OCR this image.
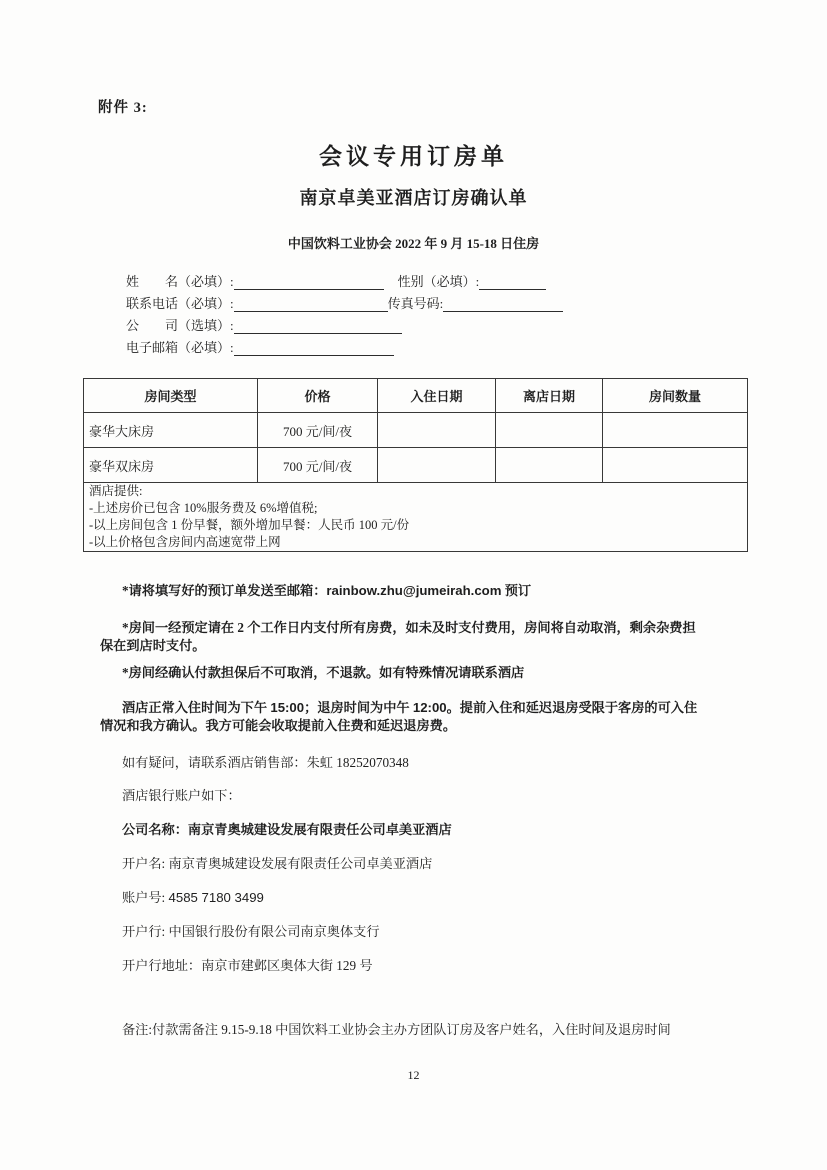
附件 3:
会议专用订房单
南京卓美亚酒店订房确认单
中国饮料工业协会 2022 年 9 月 15-18 日住房
姓　　名（必填）:	性别（必填）:
联系电话（必填）:	传真号码:
公　　司（选填）:
电子邮箱（必填）:
房间类型	价格	入住日期	离店日期	房间数量
豪华大床房	700 元/间/夜			
豪华双床房	700 元/间/夜			

酒店提供:
-上述房价已包含 10%服务费及 6%增值税;
-以上房间包含 1 份早餐，额外增加早餐：人民币 100 元/份
-以上价格包含房间内高速宽带上网				

*请将填写好的预订单发送至邮箱：rainbow.zhu@jumeirah.com 预订

*房间一经预定请在 2 个工作日内支付所有房费，如未及时支付费用，房间将自动取消，剩余杂费担保在到店时支付。

*房间经确认付款担保后不可取消，不退款。如有特殊情况请联系酒店

酒店正常入住时间为下午 15:00；退房时间为中午 12:00。提前入住和延迟退房受限于客房的可入住情况和我方确认。我方可能会收取提前入住费和延迟退房费。

如有疑问，请联系酒店销售部：朱虹 18252070348

酒店银行账户如下：

公司名称：南京青奥城建设发展有限责任公司卓美亚酒店

开户名: 南京青奥城建设发展有限责任公司卓美亚酒店

账户号: 4585 7180 3499

开户行: 中国银行股份有限公司南京奥体支行

开户行地址：南京市建邺区奥体大街 129 号

备注:付款需备注 9.15-9.18 中国饮料工业协会主办方团队订房及客户姓名，入住时间及退房时间

12
